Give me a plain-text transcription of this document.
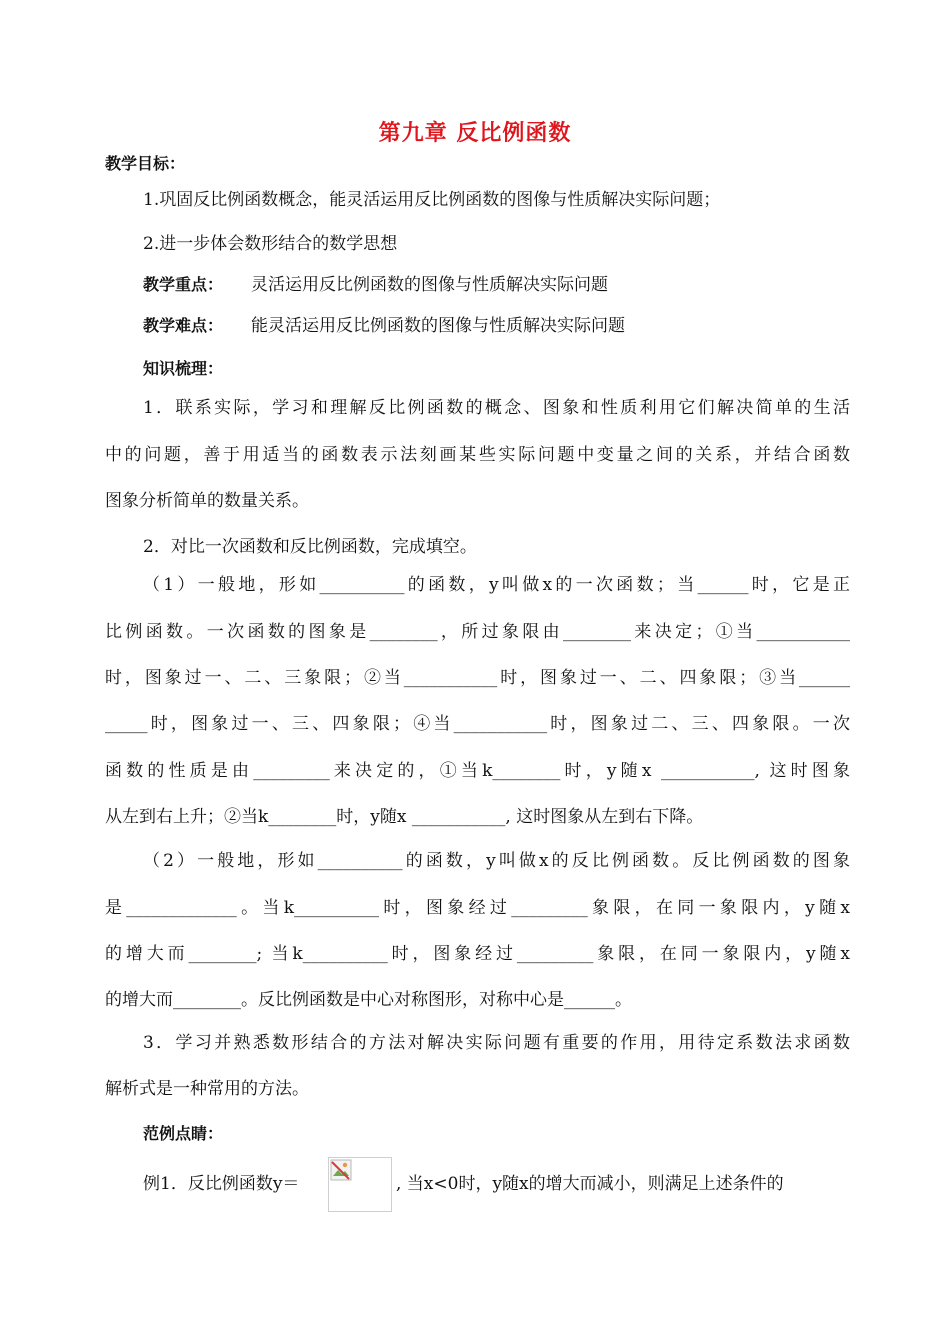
第九章 反比例函数
教学目标：
1.巩固反比例函数概念，能灵活运用反比例函数的图像与性质解决实际问题；
2.进一步体会数形结合的数学思想
教学重点： 灵活运用反比例函数的图像与性质解决实际问题
教学难点： 能灵活运用反比例函数的图像与性质解决实际问题
知识梳理：
1．联系实际，学习和理解反比例函数的概念、图象和性质利用它们解决简单的生活
中的问题，善于用适当的函数表示法刻画某些实际问题中变量之间的关系，并结合函数
图象分析简单的数量关系。
2．对比一次函数和反比例函数，完成填空。
（1）一般地，形如__________的函数，y叫做x的一次函数；当______时，它是正
比例函数。一次函数的图象是________，所过象限由________来决定；①当___________
时，图象过一、二、三象限；②当___________时，图象过一、二、四象限；③当______
_____时，图象过一、三、四象限；④当___________时，图象过二、三、四象限。一次
函数的性质是由_________来决定的，①当k________时，y随x ___________, 这时图象
从左到右上升；②当k________时，y随x ___________, 这时图象从左到右下降。
（2）一般地，形如__________的函数，y叫做x的反比例函数。反比例函数的图象
是_____________。当k__________时，图象经过_________象限，在同一象限内，y随x
的增大而________; 当k__________时，图象经过_________象限，在同一象限内，y随x
的增大而________。反比例函数是中心对称图形，对称中心是______。
3．学习并熟悉数形结合的方法对解决实际问题有重要的作用，用待定系数法求函数
解析式是一种常用的方法。
范例点睛：
例1．反比例函数y＝	, 当x<0时，y随x的增大而减小，则满足上述条件的
